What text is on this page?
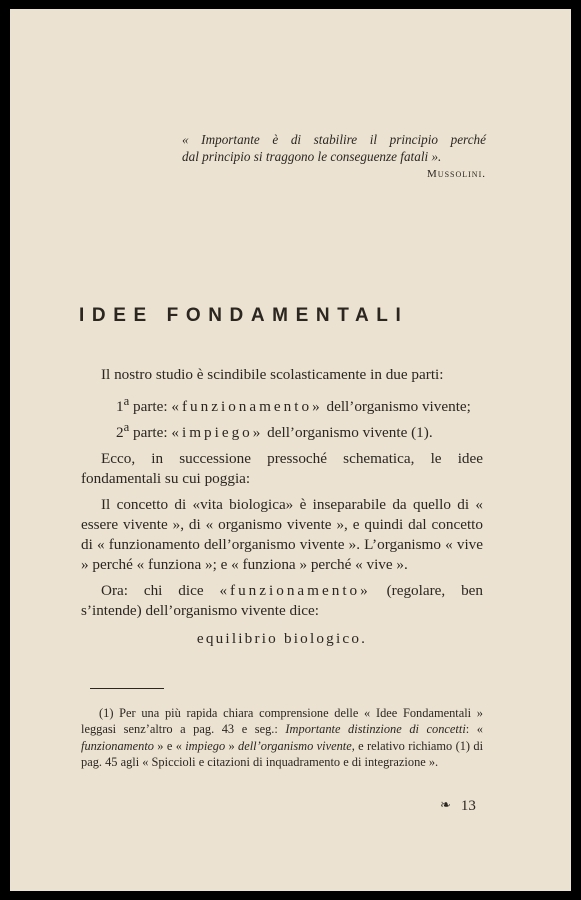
« Importante è di stabilire il principio perché

dal principio si traggono le conseguenze fatali ».

Mussolini.

IDEE FONDAMENTALI

Il nostro studio è scindibile scolasticamente in due parti:

1$^a$ parte: «funzionamento» dell’organismo vivente;

2$^a$ parte: «impiego» dell’organismo vivente (1).

Ecco, in successione pressoché schematica, le idee fondamentali su cui poggia:

Il concetto di «vita biologica» è inseparabile da quello di « essere vivente », di « organismo vivente », e quindi dal concetto di « funzionamento dell’organismo vivente ». L’organismo « vive » perché « funziona »; e « funziona » perché « vive ».

Ora: chi dice «funzionamento» (regolare, ben s’intende) dell’organismo vivente dice:

equilibrio biologico.

(1) Per una più rapida chiara comprensione delle « Idee Fondamentali » leggasi senz’altro a pag. 43 e seg.: Importante distinzione di concetti: « funzionamento » e « impiego » dell’organismo vivente, e relativo richiamo (1) di pag. 45 agli « Spiccioli e citazioni di inquadramento e di integrazione ».

❧ 13
